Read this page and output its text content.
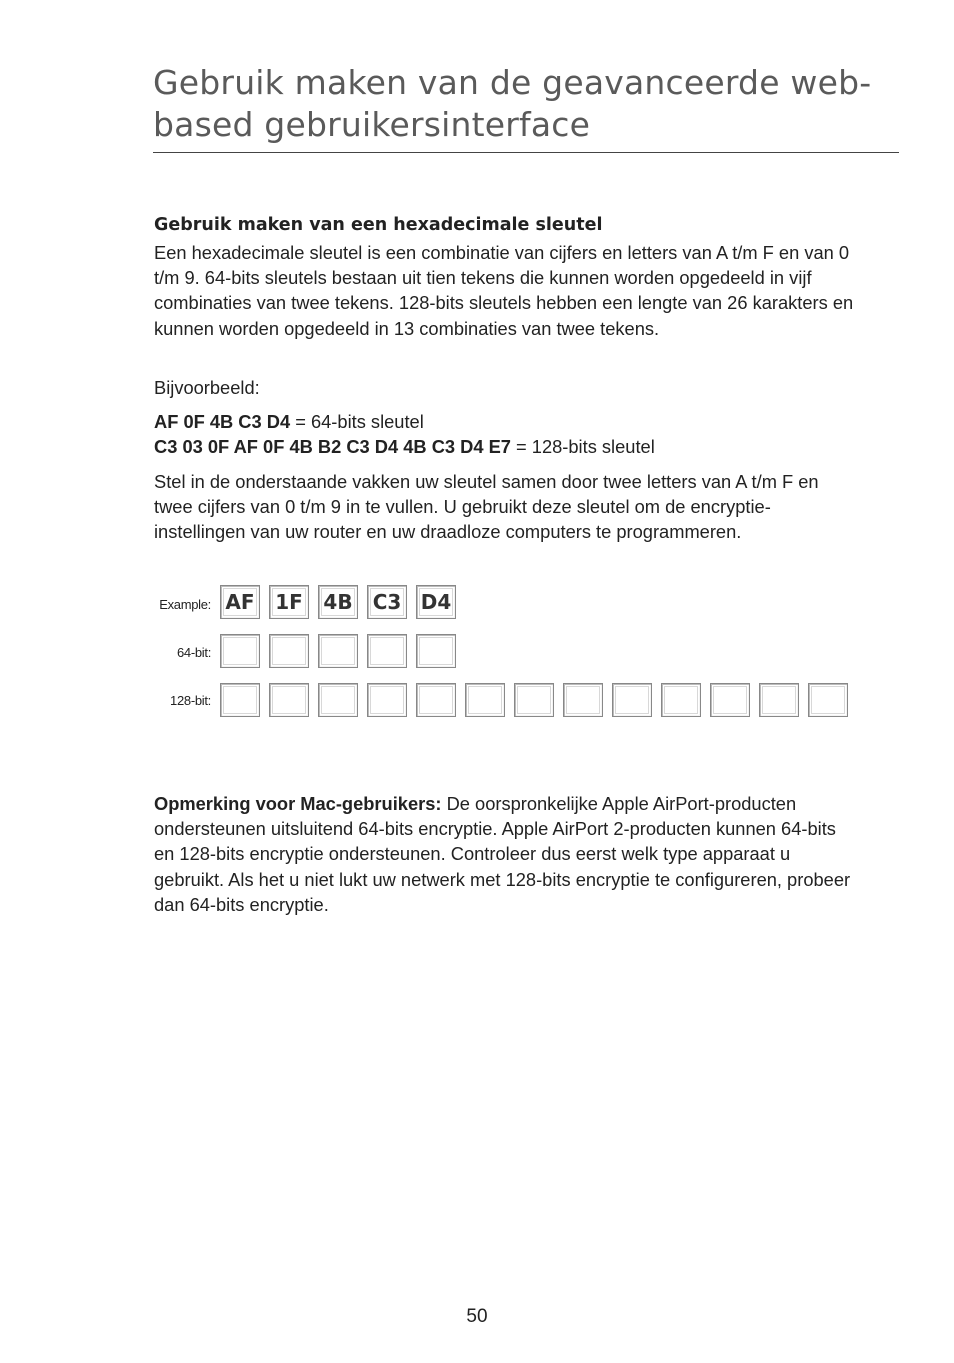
Gebruik maken van de geavanceerde web-based gebruikersinterface
Gebruik maken van een hexadecimale sleutel

Een hexadecimale sleutel is een combinatie van cijfers en letters van A t/m F en van 0 t/m 9. 64-bits sleutels bestaan uit tien tekens die kunnen worden opgedeeld in vijf combinaties van twee tekens. 128-bits sleutels hebben een lengte van 26 karakters en kunnen worden opgedeeld in 13 combinaties van twee tekens.

Bijvoorbeeld:

AF 0F 4B C3 D4 = 64-bits sleutel
C3 03 0F AF 0F 4B B2 C3 D4 4B C3 D4 E7 = 128-bits sleutel

Stel in de onderstaande vakken uw sleutel samen door twee letters van A t/m F en twee cijfers van 0 t/m 9 in te vullen. U gebruikt deze sleutel om de encryptie-instellingen van uw router en uw draadloze computers te programmeren.

Example: AF	1F	4B C3 D4
64-bit:
128-bit:

Opmerking voor Mac-gebruikers: De oorspronkelijke Apple AirPort-producten ondersteunen uitsluitend 64-bits encryptie. Apple AirPort 2-producten kunnen 64-bits en 128-bits encryptie ondersteunen. Controleer dus eerst welk type apparaat u gebruikt. Als het u niet lukt uw netwerk met 128-bits encryptie te configureren, probeer dan 64-bits encryptie.

50
